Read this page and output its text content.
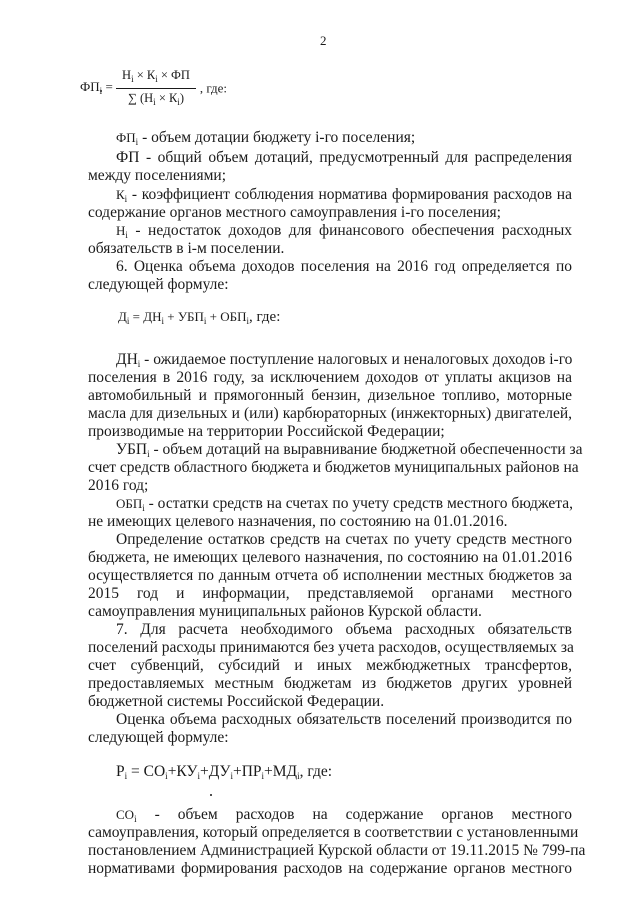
2
ФП = $\frac{Н_i \times К_i \times ФП}{\sum (Н_i \times К_i)}$ , где:
$ФП_i$ - объем дотации бюджету i-го поселения;
ФП - общий объем дотаций, предусмотренный для распределения
между поселениями;
$К_i$ - коэффициент соблюдения норматива формирования расходов на
содержание органов местного самоуправления i-го поселения;
$Н_i$ - недостаток доходов для финансового обеспечения расходных
обязательств в i-м поселении.
6. Оценка объема доходов поселения на 2016 год определяется по
следующей формуле:
$Д_i = ДН_i + УБП_i + ОБП_i$, где:
$ДН_i$ - ожидаемое поступление налоговых и неналоговых доходов i-го
поселения в 2016 году, за исключением доходов от уплаты акцизов на
автомобильный и прямогонный бензин, дизельное топливо, моторные
масла для дизельных и (или) карбюраторных (инжекторных) двигателей,
производимые на территории Российской Федерации;
$УБП_i$ - объем дотаций на выравнивание бюджетной обеспеченности за
счет средств областного бюджета и бюджетов муниципальных районов на
2016 год;
$ОБП_i$ - остатки средств на счетах по учету средств местного бюджета,
не имеющих целевого назначения, по состоянию на 01.01.2016.
Определение остатков средств на счетах по учету средств местного
бюджета, не имеющих целевого назначения, по состоянию на 01.01.2016
осуществляется по данным отчета об исполнении местных бюджетов за
2015 год и информации, представляемой органами местного
самоуправления муниципальных районов Курской области.
7. Для расчета необходимого объема расходных обязательств
поселений расходы принимаются без учета расходов, осуществляемых за
счет субвенций, субсидий и иных межбюджетных трансфертов,
предоставляемых местным бюджетам из бюджетов других уровней
бюджетной системы Российской Федерации.
Оценка объема расходных обязательств поселений производится по
следующей формуле:
$Р_i = СО_i+КУ_i+ДУ_i+ПР_i+МД_i$, где:
$СО_i$ - объем расходов на содержание органов местного
самоуправления, который определяется в соответствии с установленными
постановлением Администрацией Курской области от 19.11.2015 № 799-па
нормативами формирования расходов на содержание органов местного
